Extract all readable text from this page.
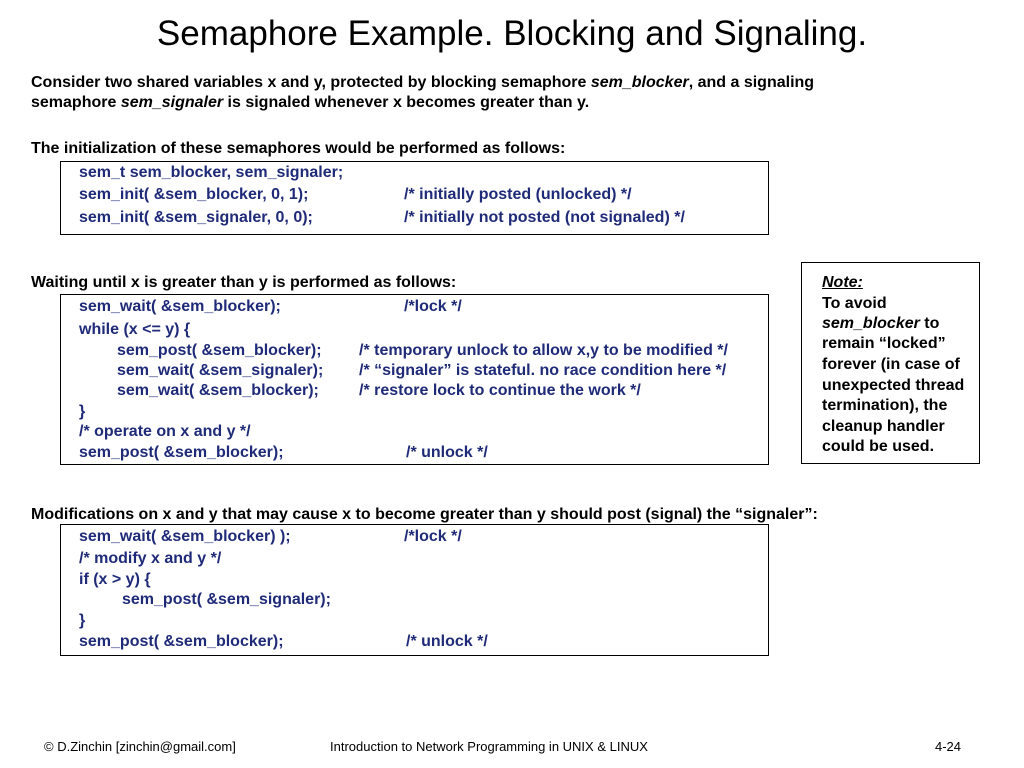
Semaphore Example. Blocking and Signaling.
Consider two shared variables x and y, protected by blocking semaphore sem_blocker, and a signaling
semaphore sem_signaler is signaled whenever x becomes greater than y.
The initialization of these semaphores would be performed as follows:
sem_t sem_blocker, sem_signaler;
sem_init( &sem_blocker, 0, 1);	/* initially posted (unlocked) */
sem_init( &sem_signaler, 0, 0);	/* initially not posted (not signaled) */
Waiting until x is greater than y is performed as follows:
sem_wait( &sem_blocker);	/*lock */
while (x <= y) {
sem_post( &sem_blocker); /* temporary unlock to allow x,y to be modified */
sem_wait( &sem_signaler); /* “signaler” is stateful. no race condition here */
sem_wait( &sem_blocker);	/* restore lock to continue the work */
}
/* operate on x and y */
sem_post( &sem_blocker);	/* unlock */
Note:
To avoid
sem_blocker to
remain “locked”
forever (in case of
unexpected thread
termination), the
cleanup handler
could be used.
Modifications on x and y that may cause x to become greater than y should post (signal) the “signaler”:
sem_wait( &sem_blocker) );	/*lock */
/* modify x and y */
if (x > y) {
sem_post( &sem_signaler);
}
sem_post( &sem_blocker);	/* unlock */
© D.Zinchin [zinchin@gmail.com]	Introduction to Network Programming in UNIX & LINUX	4-24
